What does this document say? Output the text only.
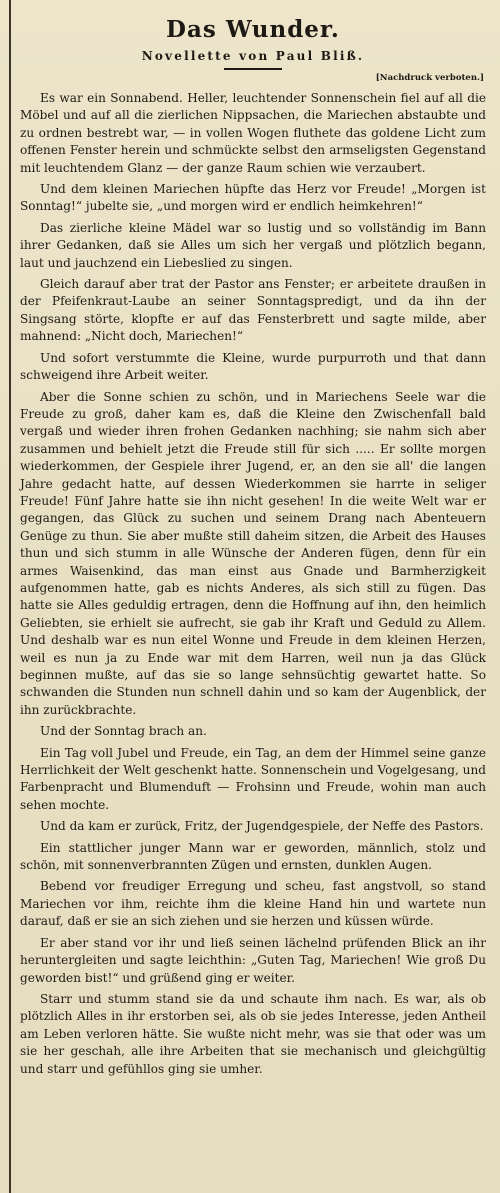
Das Wunder.
Novellette von Paul Bliß.
[Nachdruck verboten.]

Es war ein Sonnabend. Heller, leuchtender Sonnenschein fiel auf all die Möbel und auf all die zierlichen Nippsachen, die Mariechen abstaubte und zu ordnen bestrebt war, — in vollen Wogen fluthete das goldene Licht zum offenen Fenster herein und schmückte selbst den armseligsten Gegenstand mit leuchtendem Glanz — der ganze Raum schien wie verzaubert.

Und dem kleinen Mariechen hüpfte das Herz vor Freude! „Morgen ist Sonntag!“ jubelte sie, „und morgen wird er endlich heimkehren!“

Das zierliche kleine Mädel war so lustig und so vollständig im Bann ihrer Gedanken, daß sie Alles um sich her vergaß und plötzlich begann, laut und jauchzend ein Liebeslied zu singen.

Gleich darauf aber trat der Pastor ans Fenster; er arbeitete draußen in der Pfeifenkraut-Laube an seiner Sonntagspredigt, und da ihn der Singsang störte, klopfte er auf das Fensterbrett und sagte milde, aber mahnend: „Nicht doch, Mariechen!“

Und sofort verstummte die Kleine, wurde purpurroth und that dann schweigend ihre Arbeit weiter.

Aber die Sonne schien zu schön, und in Mariechens Seele war die Freude zu groß, daher kam es, daß die Kleine den Zwischenfall bald vergaß und wieder ihren frohen Gedanken nachhing; sie nahm sich aber zusammen und behielt jetzt die Freude still für sich ..... Er sollte morgen wiederkommen, der Gespiele ihrer Jugend, er, an den sie all' die langen Jahre gedacht hatte, auf dessen Wiederkommen sie harrte in seliger Freude! Fünf Jahre hatte sie ihn nicht gesehen! In die weite Welt war er gegangen, das Glück zu suchen und seinem Drang nach Abenteuern Genüge zu thun. Sie aber mußte still daheim sitzen, die Arbeit des Hauses thun und sich stumm in alle Wünsche der Anderen fügen, denn für ein armes Waisenkind, das man einst aus Gnade und Barmherzigkeit aufgenommen hatte, gab es nichts Anderes, als sich still zu fügen. Das hatte sie Alles geduldig ertragen, denn die Hoffnung auf ihn, den heimlich Geliebten, sie erhielt sie aufrecht, sie gab ihr Kraft und Geduld zu Allem. Und deshalb war es nun eitel Wonne und Freude in dem kleinen Herzen, weil es nun ja zu Ende war mit dem Harren, weil nun ja das Glück beginnen mußte, auf das sie so lange sehnsüchtig gewartet hatte. So schwanden die Stunden nun schnell dahin und so kam der Augenblick, der ihn zurückbrachte.

Und der Sonntag brach an.

Ein Tag voll Jubel und Freude, ein Tag, an dem der Himmel seine ganze Herrlichkeit der Welt geschenkt hatte. Sonnenschein und Vogelgesang, und Farbenpracht und Blumenduft — Frohsinn und Freude, wohin man auch sehen mochte.

Und da kam er zurück, Fritz, der Jugendgespiele, der Neffe des Pastors.

Ein stattlicher junger Mann war er geworden, männlich, stolz und schön, mit sonnenverbrannten Zügen und ernsten, dunklen Augen.

Bebend vor freudiger Erregung und scheu, fast angstvoll, so stand Mariechen vor ihm, reichte ihm die kleine Hand hin und wartete nun darauf, daß er sie an sich ziehen und sie herzen und küssen würde.

Er aber stand vor ihr und ließ seinen lächelnd prüfenden Blick an ihr heruntergleiten und sagte leichthin: „Guten Tag, Mariechen! Wie groß Du geworden bist!“ und grüßend ging er weiter.

Starr und stumm stand sie da und schaute ihm nach. Es war, als ob plötzlich Alles in ihr erstorben sei, als ob sie jedes Interesse, jeden Antheil am Leben verloren hätte. Sie wußte nicht mehr, was sie that oder was um sie her geschah, alle ihre Arbeiten that sie mechanisch und gleichgültig und starr und gefühllos ging sie umher.
